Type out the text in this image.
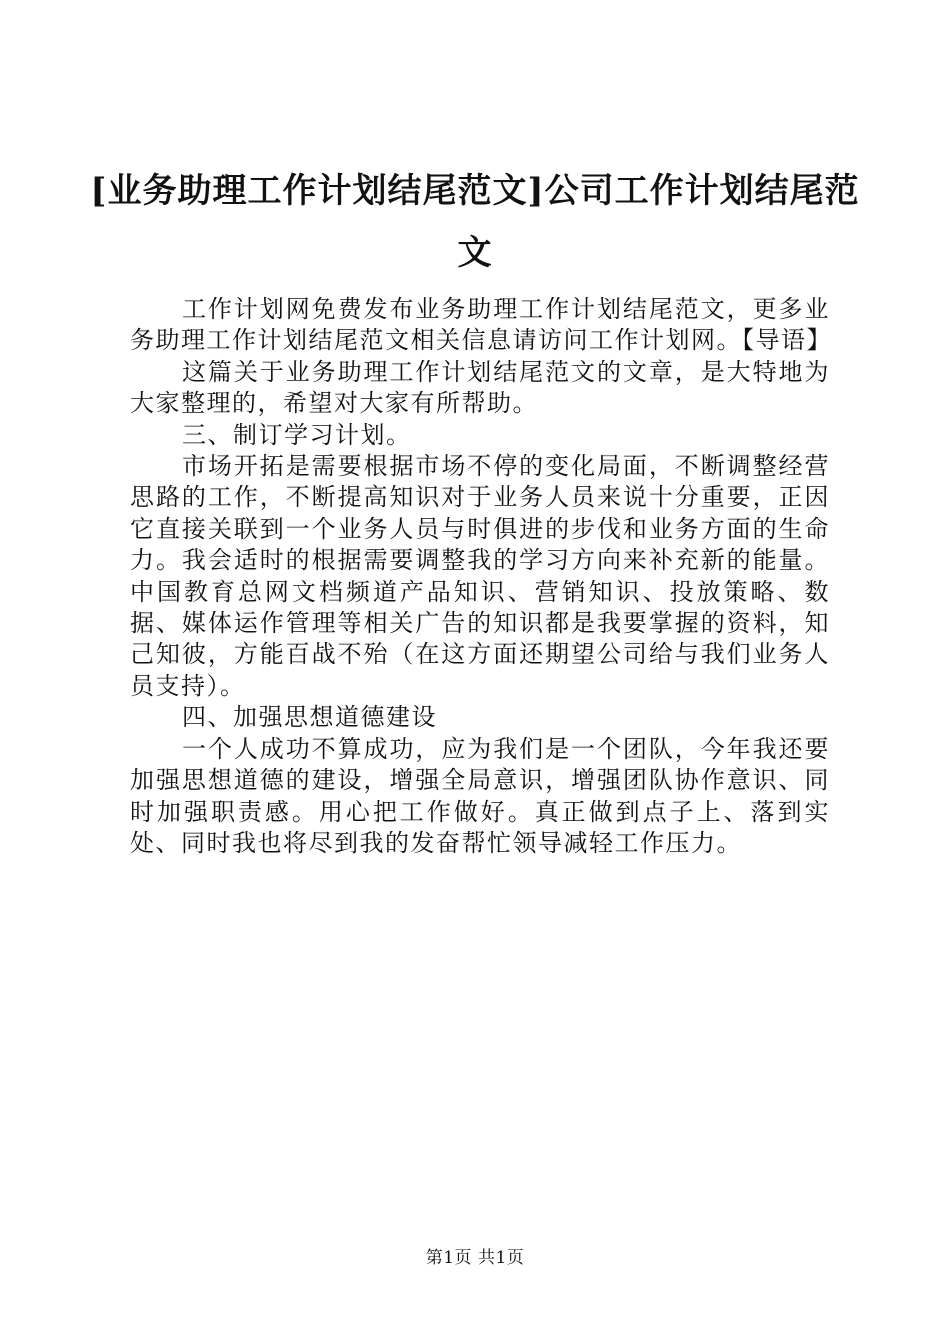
[业务助理工作计划结尾范文]公司工作计划结尾范文

工作计划网免费发布业务助理工作计划结尾范文，更多业务助理工作计划结尾范文相关信息请访问工作计划网。【导语】

这篇关于业务助理工作计划结尾范文的文章，是大特地为大家整理的，希望对大家有所帮助。

三、制订学习计划。

市场开拓是需要根据市场不停的变化局面，不断调整经营思路的工作，不断提高知识对于业务人员来说十分重要，正因它直接关联到一个业务人员与时俱进的步伐和业务方面的生命力。我会适时的根据需要调整我的学习方向来补充新的能量。中国教育总网文档频道产品知识、营销知识、投放策略、数据、媒体运作管理等相关广告的知识都是我要掌握的资料，知己知彼，方能百战不殆（在这方面还期望公司给与我们业务人员支持）。

四、加强思想道德建设

一个人成功不算成功，应为我们是一个团队，今年我还要加强思想道德的建设，增强全局意识，增强团队协作意识、同时加强职责感。用心把工作做好。真正做到点子上、落到实处、同时我也将尽到我的发奋帮忙领导减轻工作压力。

第1页 共1页
